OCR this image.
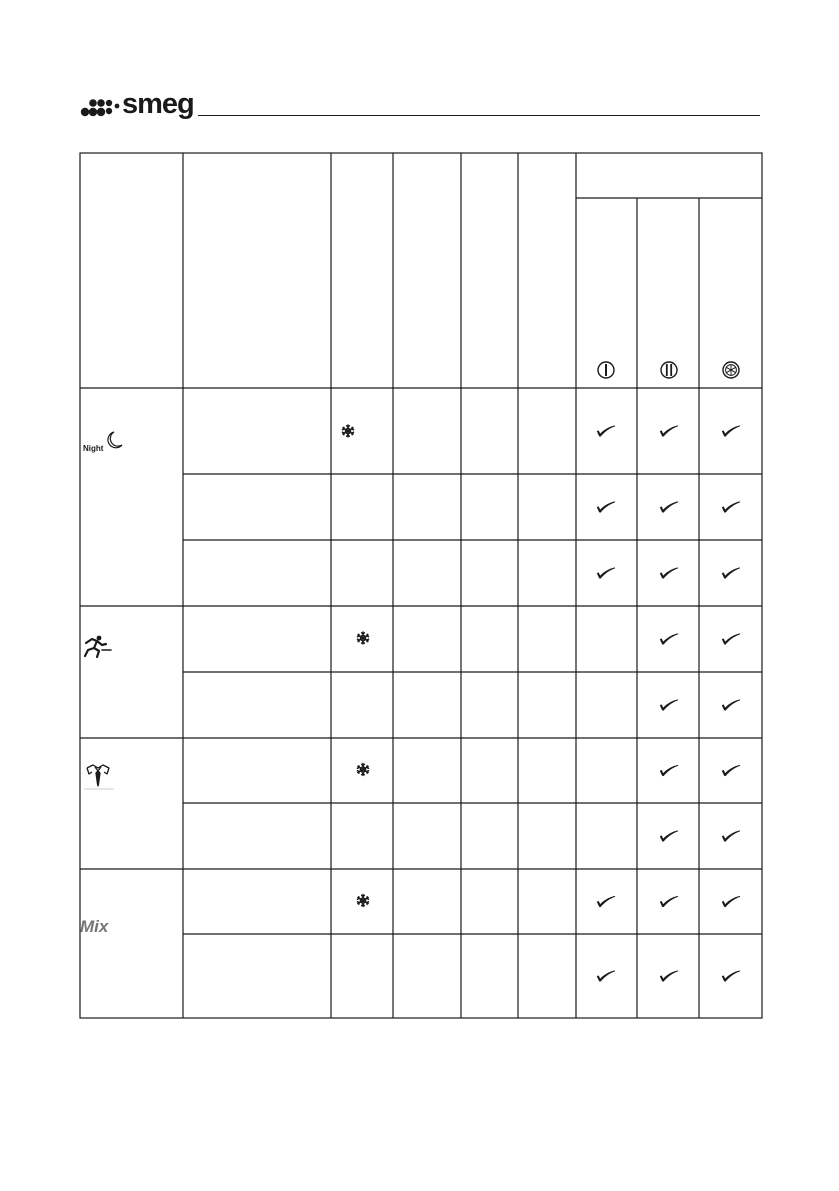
smeg
Night
Mix
